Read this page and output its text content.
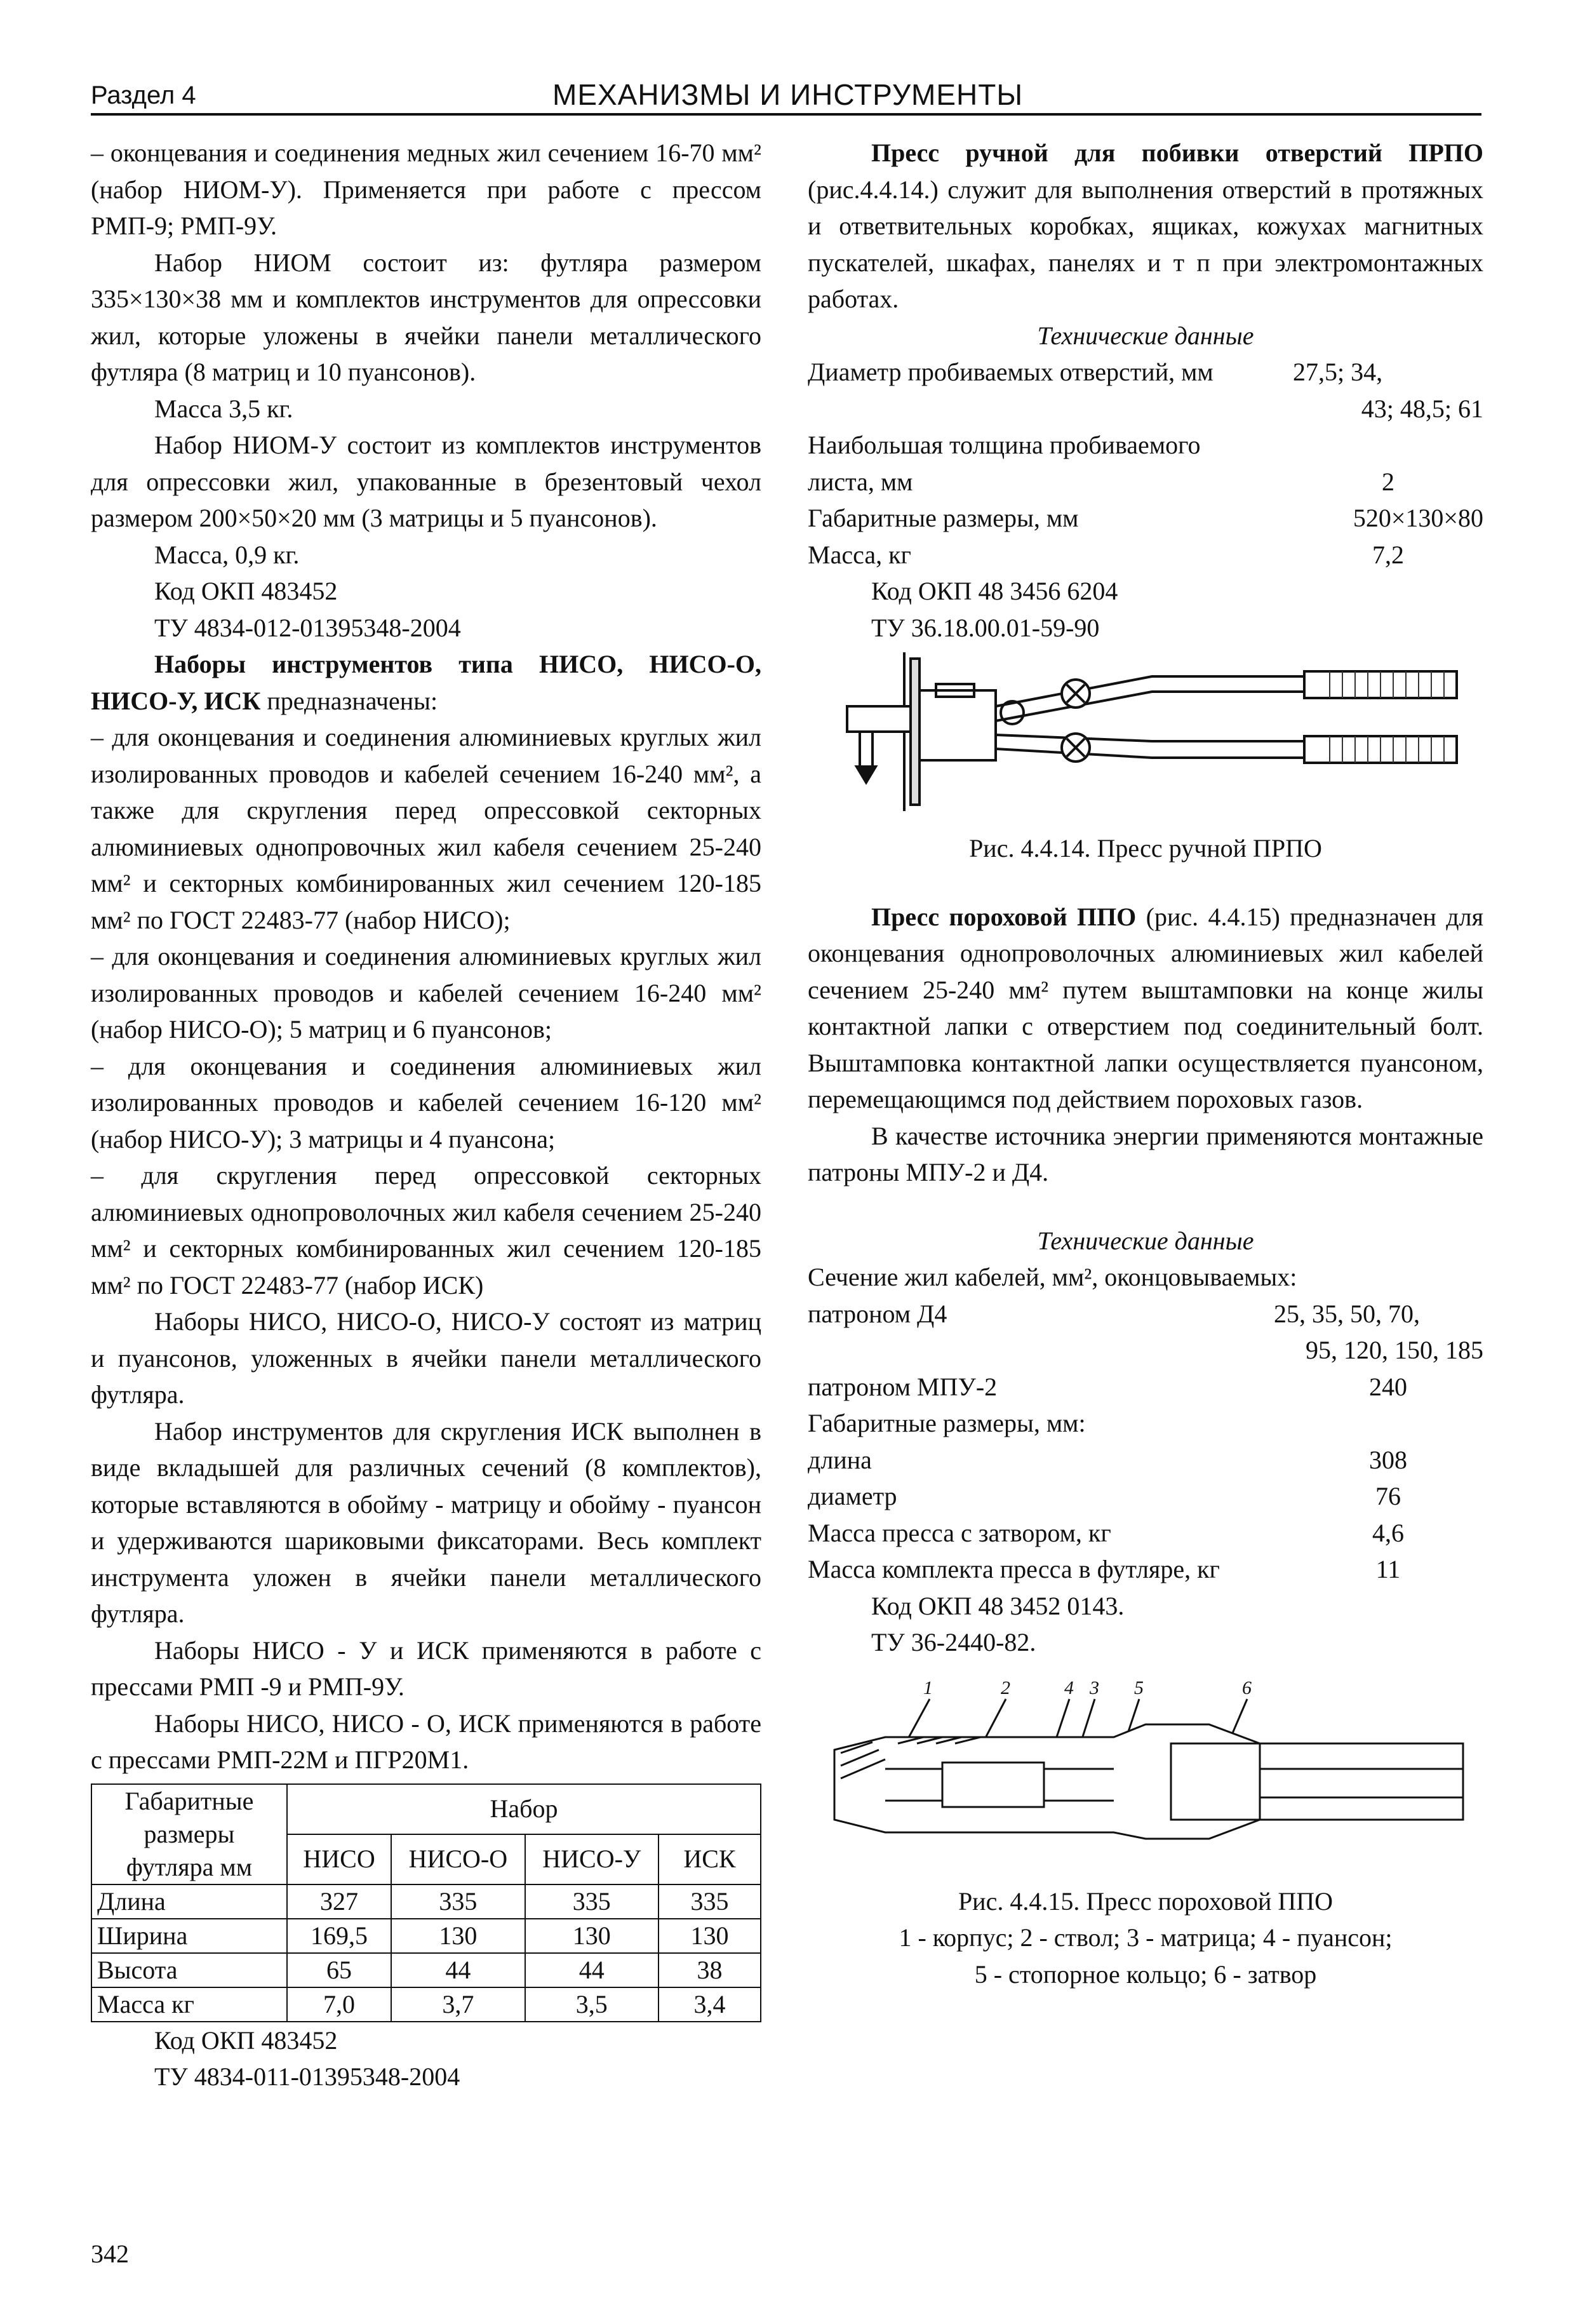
Раздел 4	МЕХАНИЗМЫ И ИНСТРУМЕНТЫ

– оконцевания и соединения медных жил сечением 16-70 мм² (набор НИОМ-У). Применяется при работе с прессом РМП-9; РМП-9У.

Набор НИОМ состоит из: футляра размером 335×130×38 мм и комплектов инструментов для опрессовки жил, которые уложены в ячейки панели металлического футляра (8 матриц и 10 пуансонов).

Масса 3,5 кг.

Набор НИОМ-У состоит из комплектов инструментов для опрессовки жил, упакованные в брезентовый чехол размером 200×50×20 мм (3 матрицы и 5 пуансонов).

Масса, 0,9 кг.

Код ОКП 483452

ТУ 4834-012-01395348-2004

Наборы инструментов типа НИСО, НИСО-О, НИСО-У, ИСК предназначены:

– для оконцевания и соединения алюминиевых круглых жил изолированных проводов и кабелей сечением 16-240 мм², а также для скругления перед опрессовкой секторных алюминиевых однопровочных жил кабеля сечением 25-240 мм² и секторных комбинированных жил сечением 120-185 мм² по ГОСТ 22483-77 (набор НИСО);

– для оконцевания и соединения алюминиевых круглых жил изолированных проводов и кабелей сечением 16-240 мм² (набор НИСО-О); 5 матриц и 6 пуансонов;

– для оконцевания и соединения алюминиевых жил изолированных проводов и кабелей сечением 16-120 мм² (набор НИСО-У); 3 матрицы и 4 пуансона;

– для скругления перед опрессовкой секторных алюминиевых однопроволочных жил кабеля сечением 25-240 мм² и секторных комбинированных жил сечением 120-185 мм² по ГОСТ 22483-77 (набор ИСК)

Наборы НИСО, НИСО-О, НИСО-У состоят из матриц и пуансонов, уложенных в ячейки панели металлического футляра.

Набор инструментов для скругления ИСК выполнен в виде вкладышей для различных сечений (8 комплектов), которые вставляются в обойму - матрицу и обойму - пуансон и удерживаются шариковыми фиксаторами. Весь комплект инструмента уложен в ячейки панели металлического футляра.

Наборы НИСО - У и ИСК применяются в работе с прессами РМП -9 и РМП-9У.

Наборы НИСО, НИСО - О, ИСК применяются в работе с прессами РМП-22М и ПГР20М1.

Габаритные размеры футляра мм	Набор			
	НИСО	НИСО-О	НИСО-У	ИСК
Длина	327	335	335	335
Ширина	169,5	130	130	130
Высота	65	44	44	38
Масса кг	7,0	3,7	3,5	3,4

Код ОКП 483452

ТУ 4834-011-01395348-2004

Пресс ручной для побивки отверстий ПРПО (рис.4.4.14.) служит для выполнения отверстий в протяжных и ответвительных коробках, ящиках, кожухах магнитных пускателей, шкафах, панелях и т п при электромонтажных работах.

Технические данные

Диаметр пробиваемых отверстий, мм	27,5; 34,
43; 48,5; 61
Наибольшая толщина пробиваемого
листа, мм	2
Габаритные размеры, мм	520×130×80
Масса, кг	7,2

Код ОКП 48 3456 6204

ТУ 36.18.00.01-59-90

Рис. 4.4.14. Пресс ручной ПРПО

Пресс пороховой ППО (рис. 4.4.15) предназначен для оконцевания однопроволочных алюминиевых жил кабелей сечением 25-240 мм² путем выштамповки на конце жилы контактной лапки с отверстием под соединительный болт. Выштамповка контактной лапки осуществляется пуансоном, перемещающимся под действием пороховых газов.

В качестве источника энергии применяются монтажные патроны МПУ-2 и Д4.

Технические данные

Сечение жил кабелей, мм², оконцовываемых:
патроном Д4	25, 35, 50, 70,
95, 120, 150, 185
патроном МПУ-2	240
Габаритные размеры, мм:
длина	308
диаметр	76
Масса пресса с затвором, кг	4,6
Масса комплекта пресса в футляре, кг	11

Код ОКП 48 3452 0143.

ТУ 36-2440-82.

1	2	4 3 5	6

Рис. 4.4.15. Пресс пороховой ППО

1 - корпус; 2 - ствол; 3 - матрица; 4 - пуансон;

5 - стопорное кольцо; 6 - затвор

342
